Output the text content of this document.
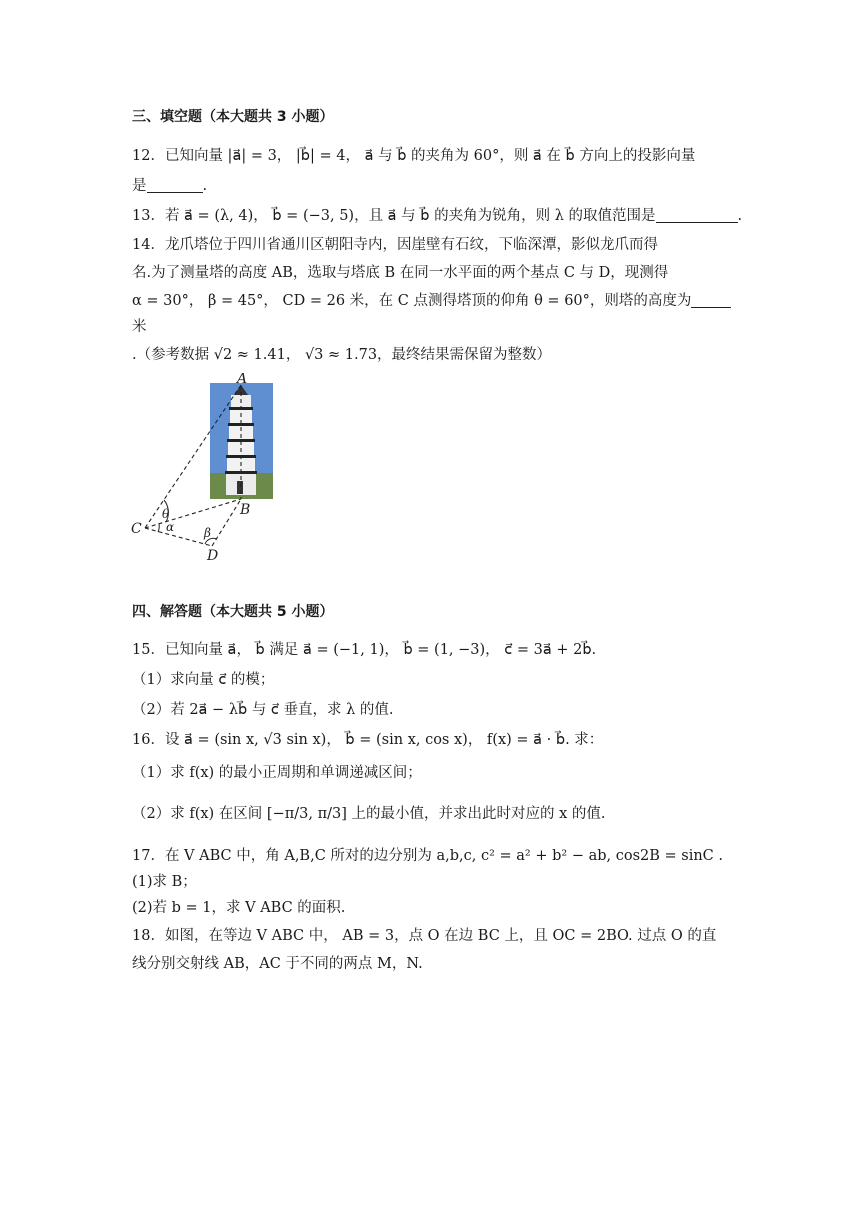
三、填空题（本大题共 3 小题）
12．已知向量 |a⃗| = 3， |b⃗| = 4， a⃗ 与 b⃗ 的夹角为 60°，则 a⃗ 在 b⃗ 方向上的投影向量
是	.
13．若 a⃗ = (λ, 4)， b⃗ = (−3, 5)，且 a⃗ 与 b⃗ 的夹角为锐角，则 λ 的取值范围是	.
14．龙爪塔位于四川省通川区朝阳寺内，因崖壁有石纹，下临深潭，影似龙爪而得
名.为了测量塔的高度 AB，选取与塔底 B 在同一水平面的两个基点 C 与 D，现测得
α = 30°， β = 45°， CD = 26 米，在 C 点测得塔顶的仰角 θ = 60°，则塔的高度为
米
.（参考数据 √2 ≈ 1.41， √3 ≈ 1.73，最终结果需保留为整数）
A
B
C
D
θ
α β
四、解答题（本大题共 5 小题）
15．已知向量 a⃗， b⃗ 满足 a⃗ = (−1, 1)， b⃗ = (1, −3)， c⃗ = 3a⃗ + 2b⃗.
（1）求向量 c⃗ 的模；
（2）若 2a⃗ − λb⃗ 与 c⃗ 垂直，求 λ 的值.
16．设 a⃗ = (sin x, √3 sin x)， b⃗ = (sin x, cos x)， f(x) = a⃗ · b⃗. 求：
（1）求 f(x) 的最小正周期和单调递减区间；
（2）求 f(x) 在区间 [−π/3, π/3] 上的最小值，并求出此时对应的 x 的值.
17．在 V ABC 中，角 A,B,C 所对的边分别为 a,b,c, c² = a² + b² − ab, cos2B = sinC .
(1)求 B；
(2)若 b = 1，求 V ABC 的面积.
18．如图，在等边 V ABC 中， AB = 3，点 O 在边 BC 上，且 OC = 2BO. 过点 O 的直
线分别交射线 AB，AC 于不同的两点 M，N.
